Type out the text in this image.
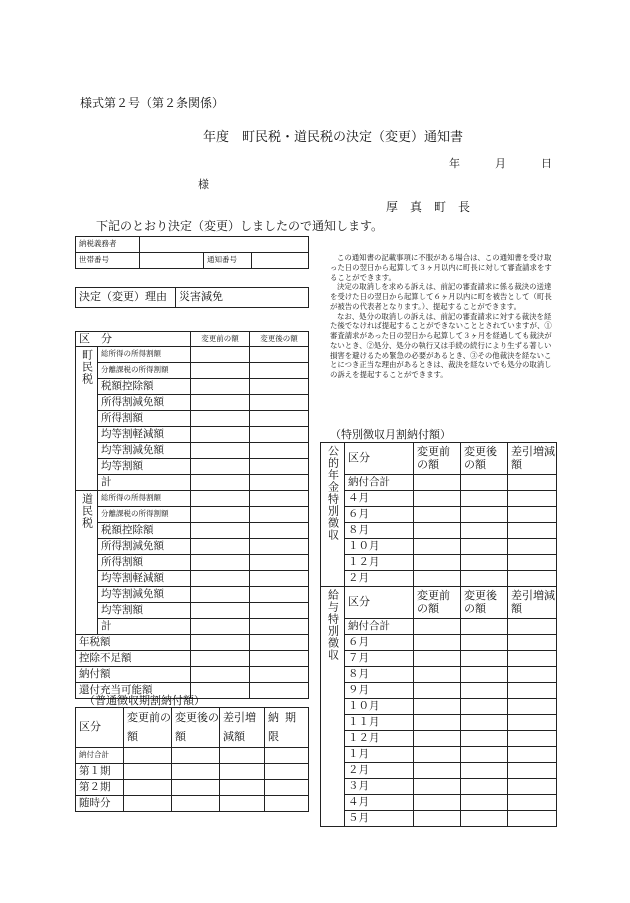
様式第２号（第２条関係）
年度　町民税・道民税の決定（変更）通知書
年	月	日
様
厚　真　町　長
下記のとおり決定（変更）しましたので通知します。
納税義務者			
世帯番号		通知番号	
決定（変更）理由	災害減免

この通知書の記載事項に不服がある場合は、この通知書を受け取った日の翌日から起算して３ヶ月以内に町長に対して審査請求をすることができます。

決定の取消しを求める訴えは、前記の審査請求に係る裁決の送達を受けた日の翌日から起算して６ヶ月以内に町を被告として（町長が被告の代表者となります。）、提起することができます。

なお、処分の取消しの訴えは、前記の審査請求に対する裁決を経た後でなければ提起することができないこととされていますが、①審査請求があった日の翌日から起算して３ヶ月を経過しても裁決がないとき、②処分、処分の執行又は手続の続行により生ずる著しい損害を避けるため緊急の必要があるとき、③その他裁決を経ないことにつき正当な理由があるときは、裁決を経ないでも処分の取消しの訴えを提起することができます。

区　分		変更前の額	変更後の額
町民税	総所得の所得割額		
	分離課税の所得割額		
	税額控除額		
	所得割減免額		
	所得割額		
	均等割軽減額		
	均等割減免額		
	均等割額		
	計		
道民税	総所得の所得割額		
	分離課税の所得割額		
	税額控除額		
	所得割減免額		
	所得割額		
	均等割軽減額		
	均等割減免額		
	均等割額		
	計		
年税額			
控除不足額			
納付額			
還付充当可能額			
（普通徴収期割納付額）
区分	変更前の額	変更後の額	差引増減額	納期限
納付合計				
第１期				
第２期				
随時分				
（特別徴収月割納付額）
公的年金特別徴収	区分	変更前の額	変更後の額	差引増減額
	納付合計			
	４月			
	６月			
	８月			
	１０月			
	１２月			
	２月			
給与特別徴収	区分	変更前の額	変更後の額	差引増減額
	納付合計			
	６月			
	７月			
	８月			
	９月			
	１０月			
	１１月			
	１２月			
	１月			
	２月			
	３月			
	４月			
	５月			
